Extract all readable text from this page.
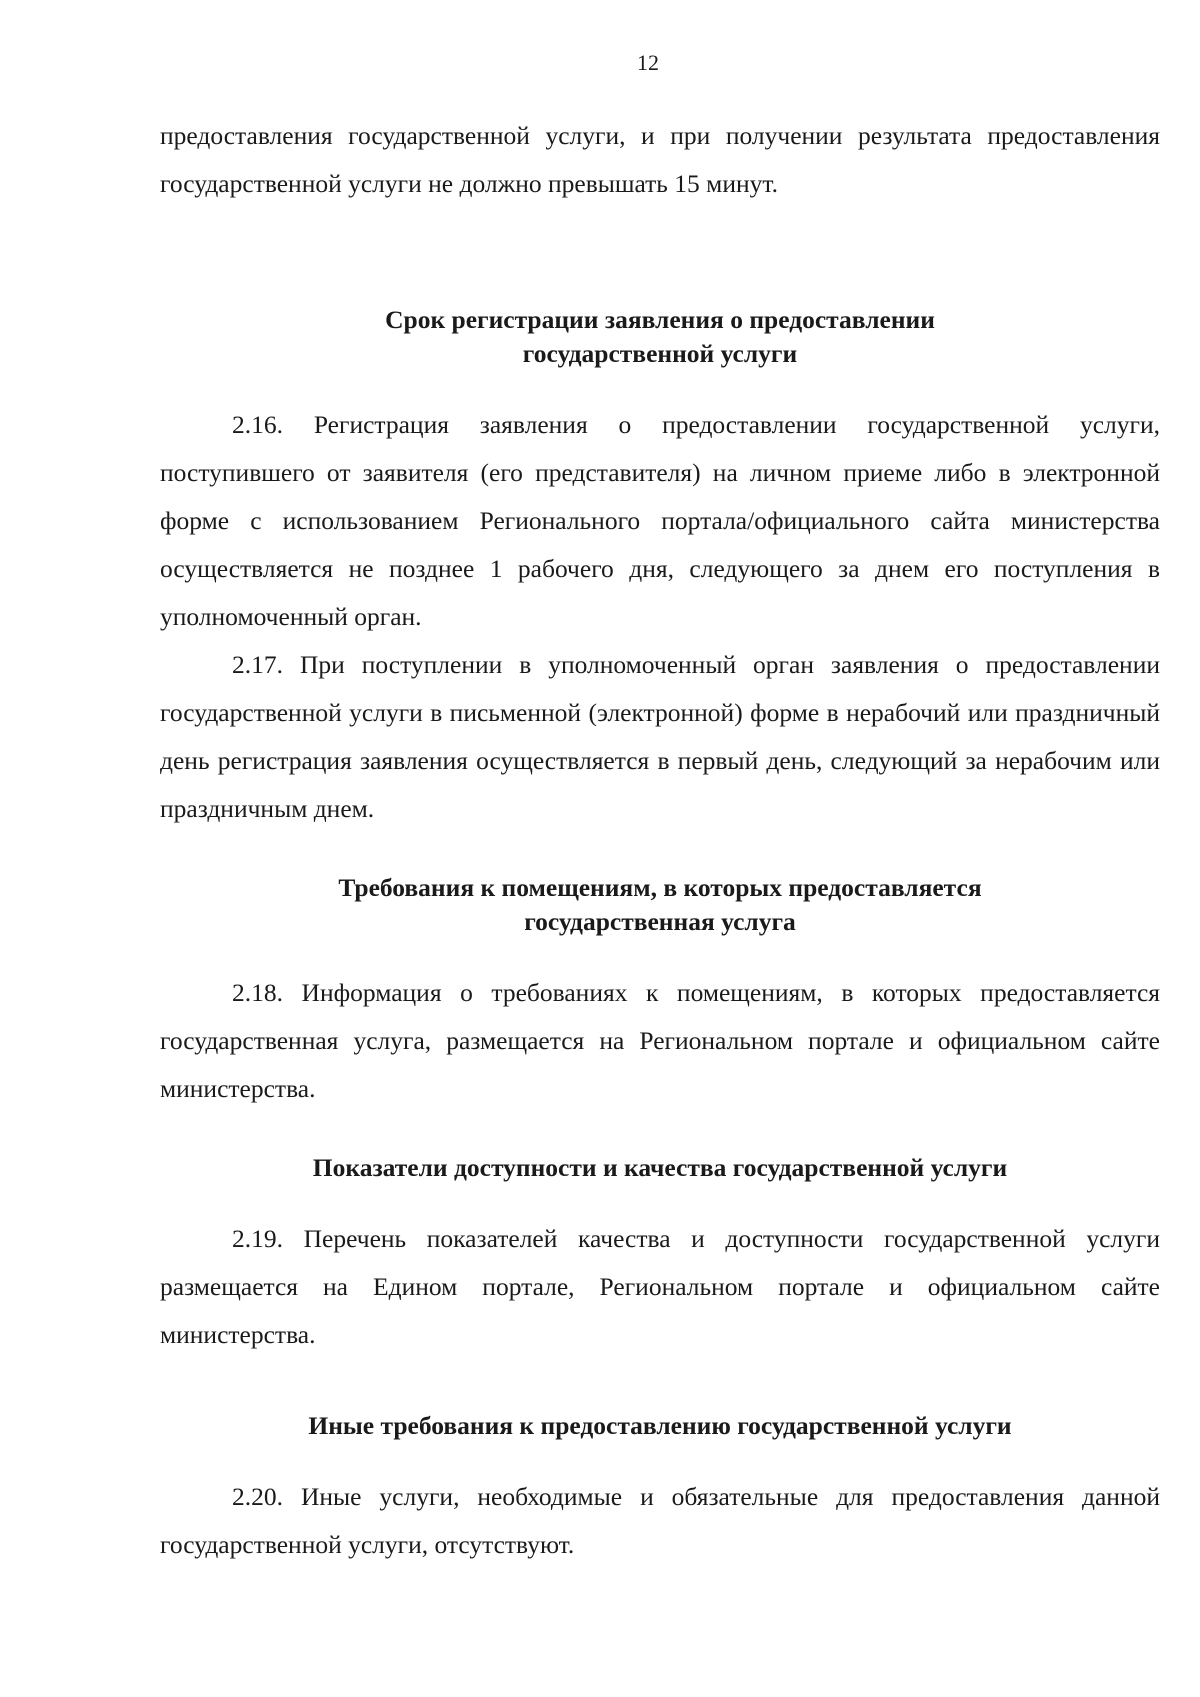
12

предоставления государственной услуги, и при получении результата предоставления государственной услуги не должно превышать 15 минут.

Срок регистрации заявления о предоставлении
государственной услуги

2.16. Регистрация заявления о предоставлении государственной услуги, поступившего от заявителя (его представителя) на личном приеме либо в электронной форме с использованием Регионального портала/официального сайта министерства осуществляется не позднее 1 рабочего дня, следующего за днем его поступления в уполномоченный орган.

2.17. При поступлении в уполномоченный орган заявления о предоставлении государственной услуги в письменной (электронной) форме в нерабочий или праздничный день регистрация заявления осуществляется в первый день, следующий за нерабочим или праздничным днем.

Требования к помещениям, в которых предоставляется
государственная услуга

2.18. Информация о требованиях к помещениям, в которых предоставляется государственная услуга, размещается на Региональном портале и официальном сайте министерства.

Показатели доступности и качества государственной услуги

2.19. Перечень показателей качества и доступности государственной услуги размещается на Едином портале, Региональном портале и официальном сайте министерства.

Иные требования к предоставлению государственной услуги

2.20. Иные услуги, необходимые и обязательные для предоставления данной государственной услуги, отсутствуют.
